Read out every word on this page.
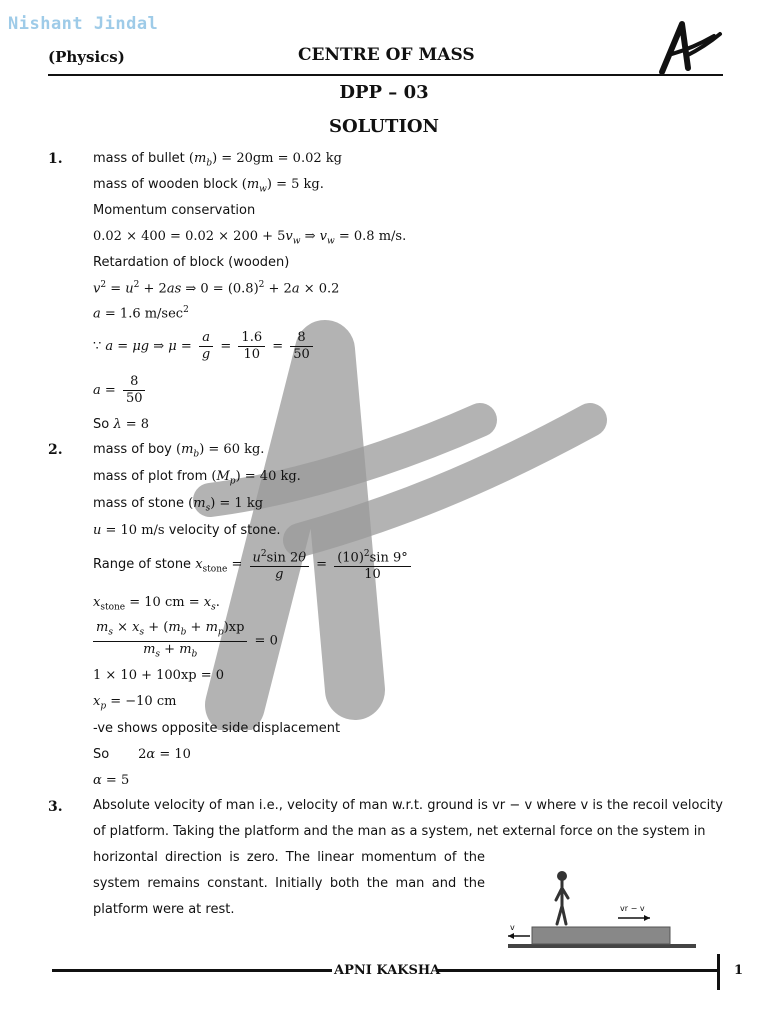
Nishant Jindal
(Physics)	CENTRE OF MASS
DPP – 03
SOLUTION
1. mass of bullet $(m_b) = 20gm = 0.02$ kg
mass of wooden block $(m_w) = 5$ kg.
Momentum conservation
$0.02 \times 400 = 0.02 \times 200 + 5v_w$ ⇒ $v_w = 0.8$ m/s.
Retardation of block (wooden)
$v^2 = u^2 + 2as$ ⇒ $0 = (0.8)^2 + 2a \times 0.2$
a = 1.6 $m/\sec^2$
∵ a = μg ⇒ $\mu = \frac{a}{g} = \frac{1.6}{10} = \frac{8}{50}$
$a = \frac{8}{50}$
So λ = 8
2. mass of boy $(m_b) = 60$ kg.
mass of plot from $(M_p) = 40$ kg.
mass of stone $(m_s) = 1$ kg
u = 10 m/s velocity of stone.
Range of stone $x_{stone} = \frac{u^2\sin 2\theta}{g} = \frac{(10)^2\sin 9^\circ}{10}$
$x_{stone} = 10$ cm = $x_s$.
$\frac{m_s \times x_s + (m_b + m_p)xp}{m_s + m_b} = 0$
1 × 10 + 100xp = 0
$x_p = -10$ cm
-ve shows opposite side displacement
So       2α = 10
α = 5
3. Absolute velocity of man i.e., velocity of man w.r.t. ground is vr − v where v is the recoil velocity of platform. Taking the platform and the man as a system, net external force on the system in
horizontal direction is zero. The linear momentum of the system remains constant. Initially both the man and the platform were at rest.	vr − v
v
APNI KAKSHA	1
